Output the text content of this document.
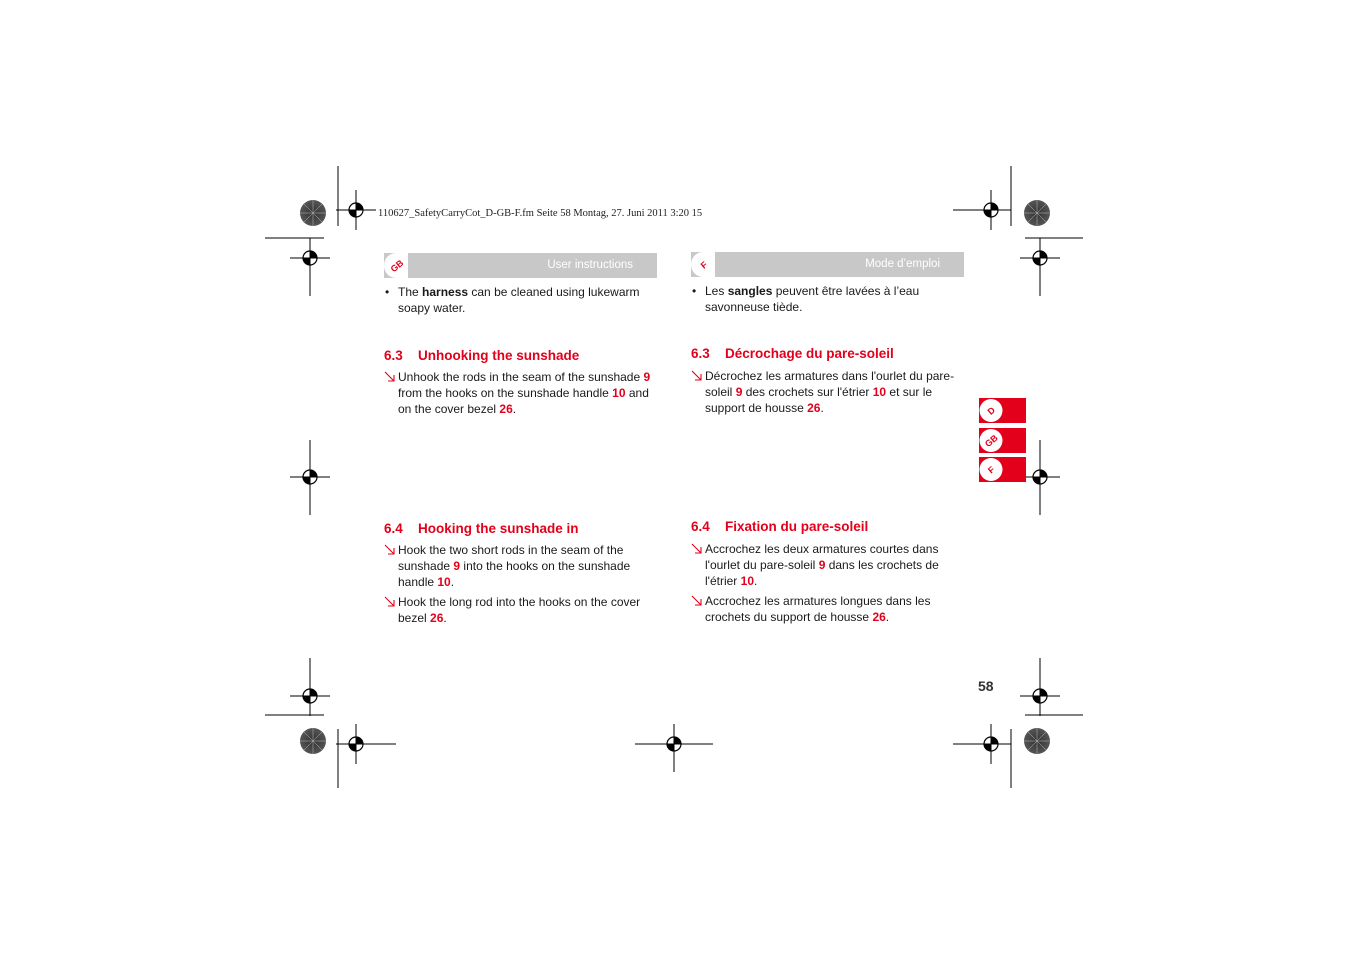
110627_SafetyCarryCot_D-GB-F.fm Seite 58 Montag, 27. Juni 2011 3:20 15
GB	User instructions	F	Mode d’emploi
• The harness can be cleaned using lukewarm soapy water.
6.3 Unhooking the sunshade
Unhook the rods in the seam of the sunshade 9 from the hooks on the sunshade handle 10 and on the cover bezel 26.
6.4 Hooking the sunshade in
Hook the two short rods in the seam of the sunshade 9 into the hooks on the sunshade handle 10.
Hook the long rod into the hooks on the cover bezel 26.
• Les sangles peuvent être lavées à l’eau savonneuse tiède.
6.3 Décrochage du pare-soleil
Décrochez les armatures dans l'ourlet du pare-soleil 9 des crochets sur l'étrier 10 et sur le support de housse 26.
6.4 Fixation du pare-soleil
Accrochez les deux armatures courtes dans l'ourlet du pare-soleil 9 dans les crochets de l'étrier 10.
Accrochez les armatures longues dans les crochets du support de housse 26.
D
GB
F
58
